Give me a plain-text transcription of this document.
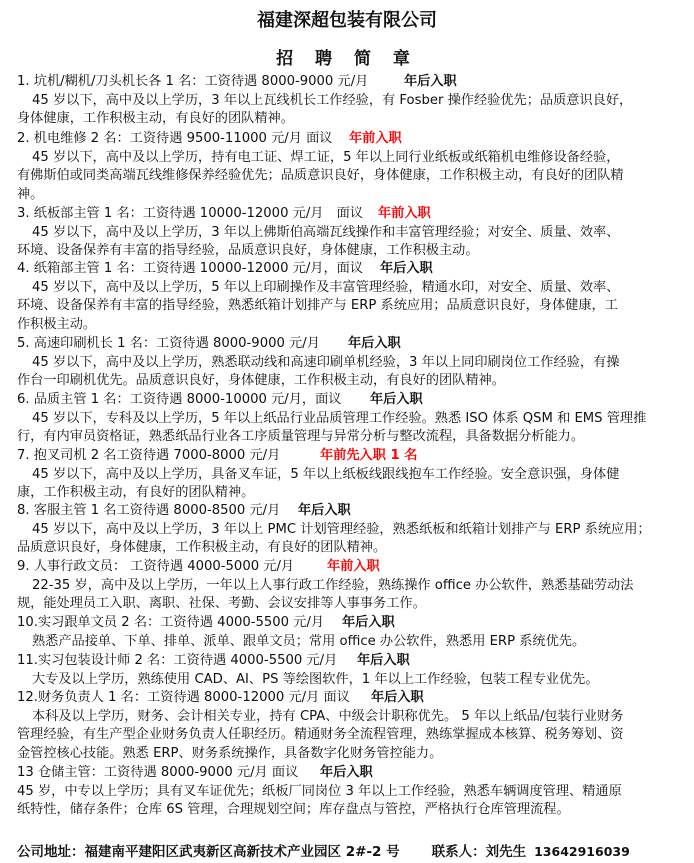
福建深超包装有限公司
招 聘 简 章
1. 坑机/糊机/刀头机长各 1 名：工资待遇 8000-9000 元/月	年后入职
45 岁以下，高中及以上学历，3 年以上瓦线机长工作经验，有 Fosber 操作经验优先；品质意识良好，
身体健康，工作积极主动，有良好的团队精神。
2. 机电维修 2 名：工资待遇 9500-11000 元/月 面议 年前入职
45 岁以下，高中及以上学历，持有电工证、焊工证，5 年以上同行业纸板或纸箱机电维修设备经验，
有佛斯伯或同类高端瓦线维修保养经验优先；品质意识良好，身体健康，工作积极主动，有良好的团队精
神。
3. 纸板部主管 1 名：工资待遇 10000-12000 元/月　面议 年前入职
45 岁以下，高中及以上学历，3 年以上佛斯伯高端瓦线操作和丰富管理经验；对安全、质量、效率、
环境、设备保养有丰富的指导经验，品质意识良好，身体健康，工作积极主动。
4. 纸箱部主管 1 名：工资待遇 10000-12000 元/月，面议 年后入职
45 岁以下，高中及以上学历，5 年以上印刷操作及丰富管理经验，精通水印，对安全、质量、效率、
环境、设备保养有丰富的指导经验，熟悉纸箱计划排产与 ERP 系统应用；品质意识良好，身体健康，工
作积极主动。
5. 高速印刷机长 1 名：工资待遇 8000-9000 元/月 年后入职
45 岁以下，高中及以上学历，熟悉联动线和高速印刷单机经验，3 年以上同印刷岗位工作经验，有操
作台一印刷机优先。品质意识良好，身体健康，工作积极主动，有良好的团队精神。
6. 品质主管 1 名：工资待遇 8000-10000 元/月，面议 年后入职
45 岁以下，专科及以上学历，5 年以上纸品行业品质管理工作经验。熟悉 ISO 体系 QSM 和 EMS 管理推
行，有内审员资格证，熟悉纸品行业各工序质量管理与异常分析与整改流程，具备数据分析能力。
7. 抱叉司机 2 名工资待遇 7000-8000 元/月	年前先入职 1 名
45 岁以下，高中及以上学历，具备叉车证，5 年以上纸板线跟线抱车工作经验。安全意识强，身体健
康，工作积极主动，有良好的团队精神。
8. 客服主管 1 名工资待遇 8000-8500 元/月 年后入职
45 岁以下，高中及以上学历，3 年以上 PMC 计划管理经验，熟悉纸板和纸箱计划排产与 ERP 系统应用；
品质意识良好，身体健康，工作积极主动，有良好的团队精神。
9. 人事行政文员： 工资待遇 4000-5000 元/月 年前入职
22-35 岁，高中及以上学历，一年以上人事行政工作经验，熟练操作 office 办公软件，熟悉基础劳动法
规，能处理员工入职、离职、社保、考勤、会议安排等人事事务工作。
10.实习跟单文员 2 名：工资待遇 4000-5500 元/月 年后入职
熟悉产品接单、下单、排单、派单、跟单文员；常用 office 办公软件，熟悉用 ERP 系统优先。
11.实习包装设计师 2 名：工资待遇 4000-5500 元/月 年后入职
大专及以上学历，熟练使用 CAD、AI、PS 等绘图软件，1 年以上工作经验，包装工程专业优先。
12.财务负责人 1 名：工资待遇 8000-12000 元/月 面议 年后入职
本科及以上学历，财务、会计相关专业，持有 CPA、中级会计职称优先。 5 年以上纸品/包装行业财务
管理经验，有生产型企业财务负责人任职经历。精通财务全流程管理，熟练掌握成本核算、税务筹划、资
金管控核心技能。熟悉 ERP、财务系统操作，具备数字化财务管控能力。
13 仓储主管：工资待遇 8000-9000 元/月 面议 年后入职
45 岁，中专以上学历；具有叉车证优先；纸板厂同岗位 3 年以上工作经验，熟悉车辆调度管理、精通原
纸特性，储存条件；仓库 6S 管理，合理规划空间；库存盘点与管控，严格执行仓库管理流程。
公司地址：福建南平建阳区武夷新区高新技术产业园区 2#-2 号 联系人：刘先生 13642916039
